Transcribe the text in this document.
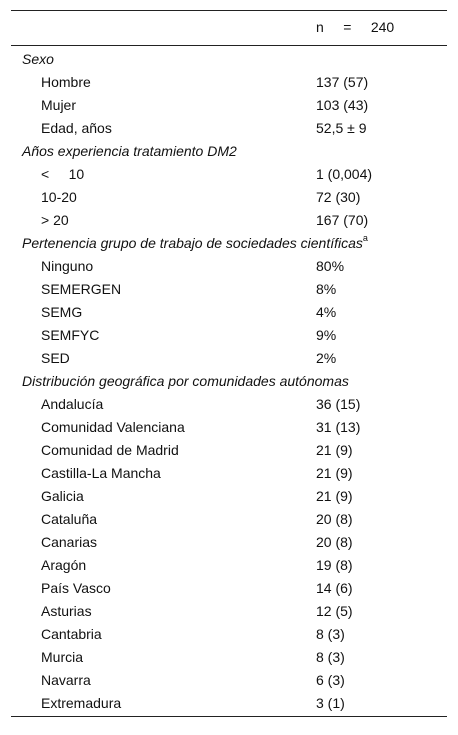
n     =     240
Sexo
Hombre	137 (57)
Mujer	103 (43)
Edad, años	52,5 ± 9
Años experiencia tratamiento DM2
<     10	1 (0,004)
10-20	72 (30)
> 20	167 (70)
Pertenencia grupo de trabajo de sociedades científicas$^a$
Ninguno	80%
SEMERGEN	8%
SEMG	4%
SEMFYC	9%
SED	2%
Distribución geográfica por comunidades autónomas
Andalucía	36 (15)
Comunidad Valenciana	31 (13)
Comunidad de Madrid	21 (9)
Castilla-La Mancha	21 (9)
Galicia	21 (9)
Cataluña	20 (8)
Canarias	20 (8)
Aragón	19 (8)
País Vasco	14 (6)
Asturias	12 (5)
Cantabria	8 (3)
Murcia	8 (3)
Navarra	6 (3)
Extremadura	3 (1)
